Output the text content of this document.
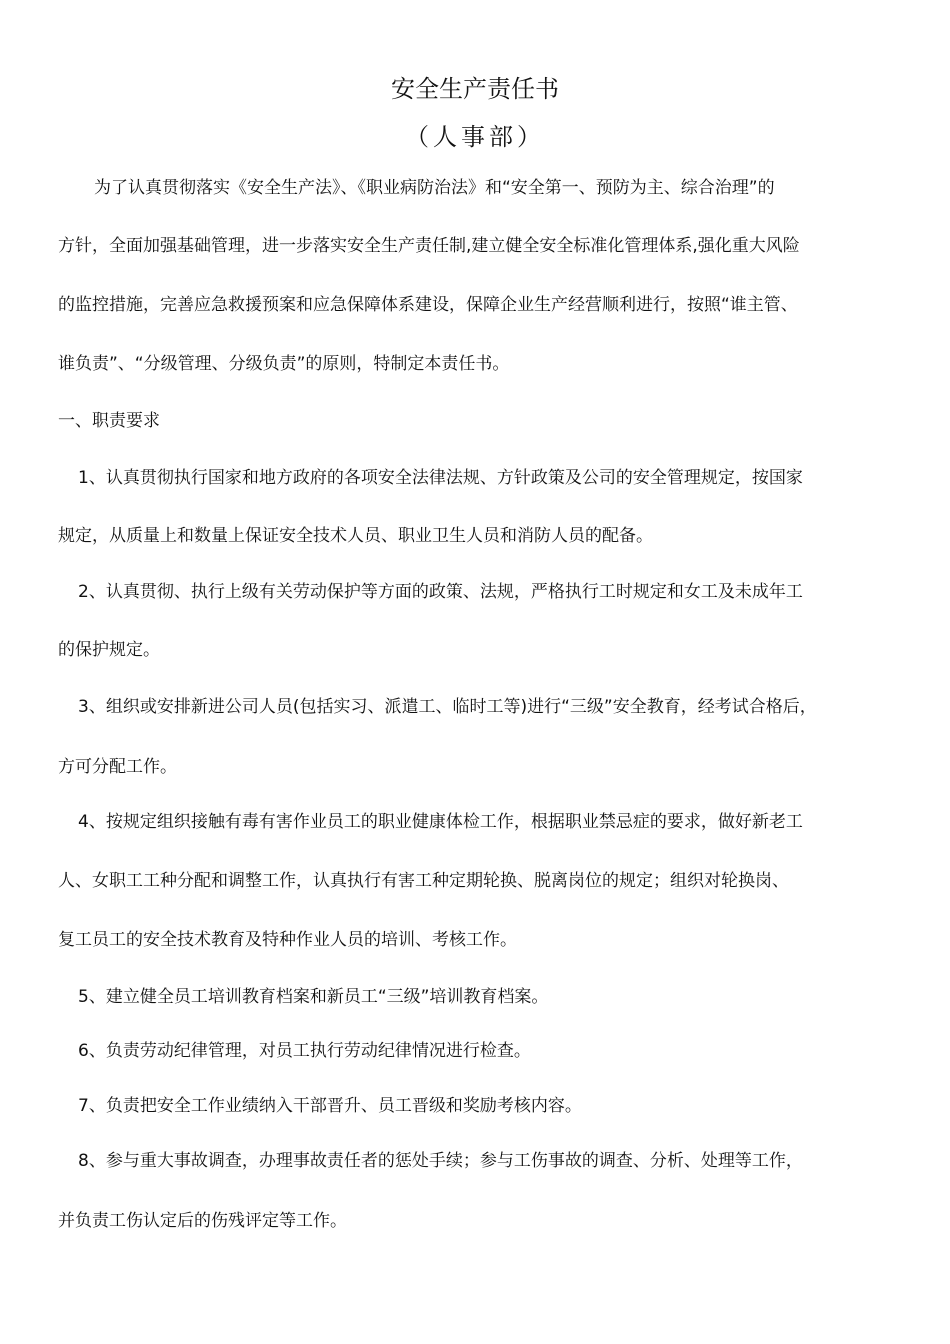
安全生产责任书
（人事部）
为了认真贯彻落实《安全生产法》、《职业病防治法》和“安全第一、预防为主、综合治理”的
方针，全面加强基础管理，进一步落实安全生产责任制,建立健全安全标准化管理体系,强化重大风险
的监控措施，完善应急救援预案和应急保障体系建设，保障企业生产经营顺利进行，按照“谁主管、
谁负责”、“分级管理、分级负责”的原则，特制定本责任书。
一、职责要求
1、认真贯彻执行国家和地方政府的各项安全法律法规、方针政策及公司的安全管理规定，按国家
规定，从质量上和数量上保证安全技术人员、职业卫生人员和消防人员的配备。
2、认真贯彻、执行上级有关劳动保护等方面的政策、法规，严格执行工时规定和女工及未成年工
的保护规定。
3、组织或安排新进公司人员(包括实习、派遣工、临时工等)进行“三级”安全教育，经考试合格后，
方可分配工作。
4、按规定组织接触有毒有害作业员工的职业健康体检工作，根据职业禁忌症的要求，做好新老工
人、女职工工种分配和调整工作，认真执行有害工种定期轮换、脱离岗位的规定；组织对轮换岗、
复工员工的安全技术教育及特种作业人员的培训、考核工作。
5、建立健全员工培训教育档案和新员工“三级”培训教育档案。
6、负责劳动纪律管理，对员工执行劳动纪律情况进行检查。
7、负责把安全工作业绩纳入干部晋升、员工晋级和奖励考核内容。
8、参与重大事故调查，办理事故责任者的惩处手续；参与工伤事故的调查、分析、处理等工作，
并负责工伤认定后的伤残评定等工作。
